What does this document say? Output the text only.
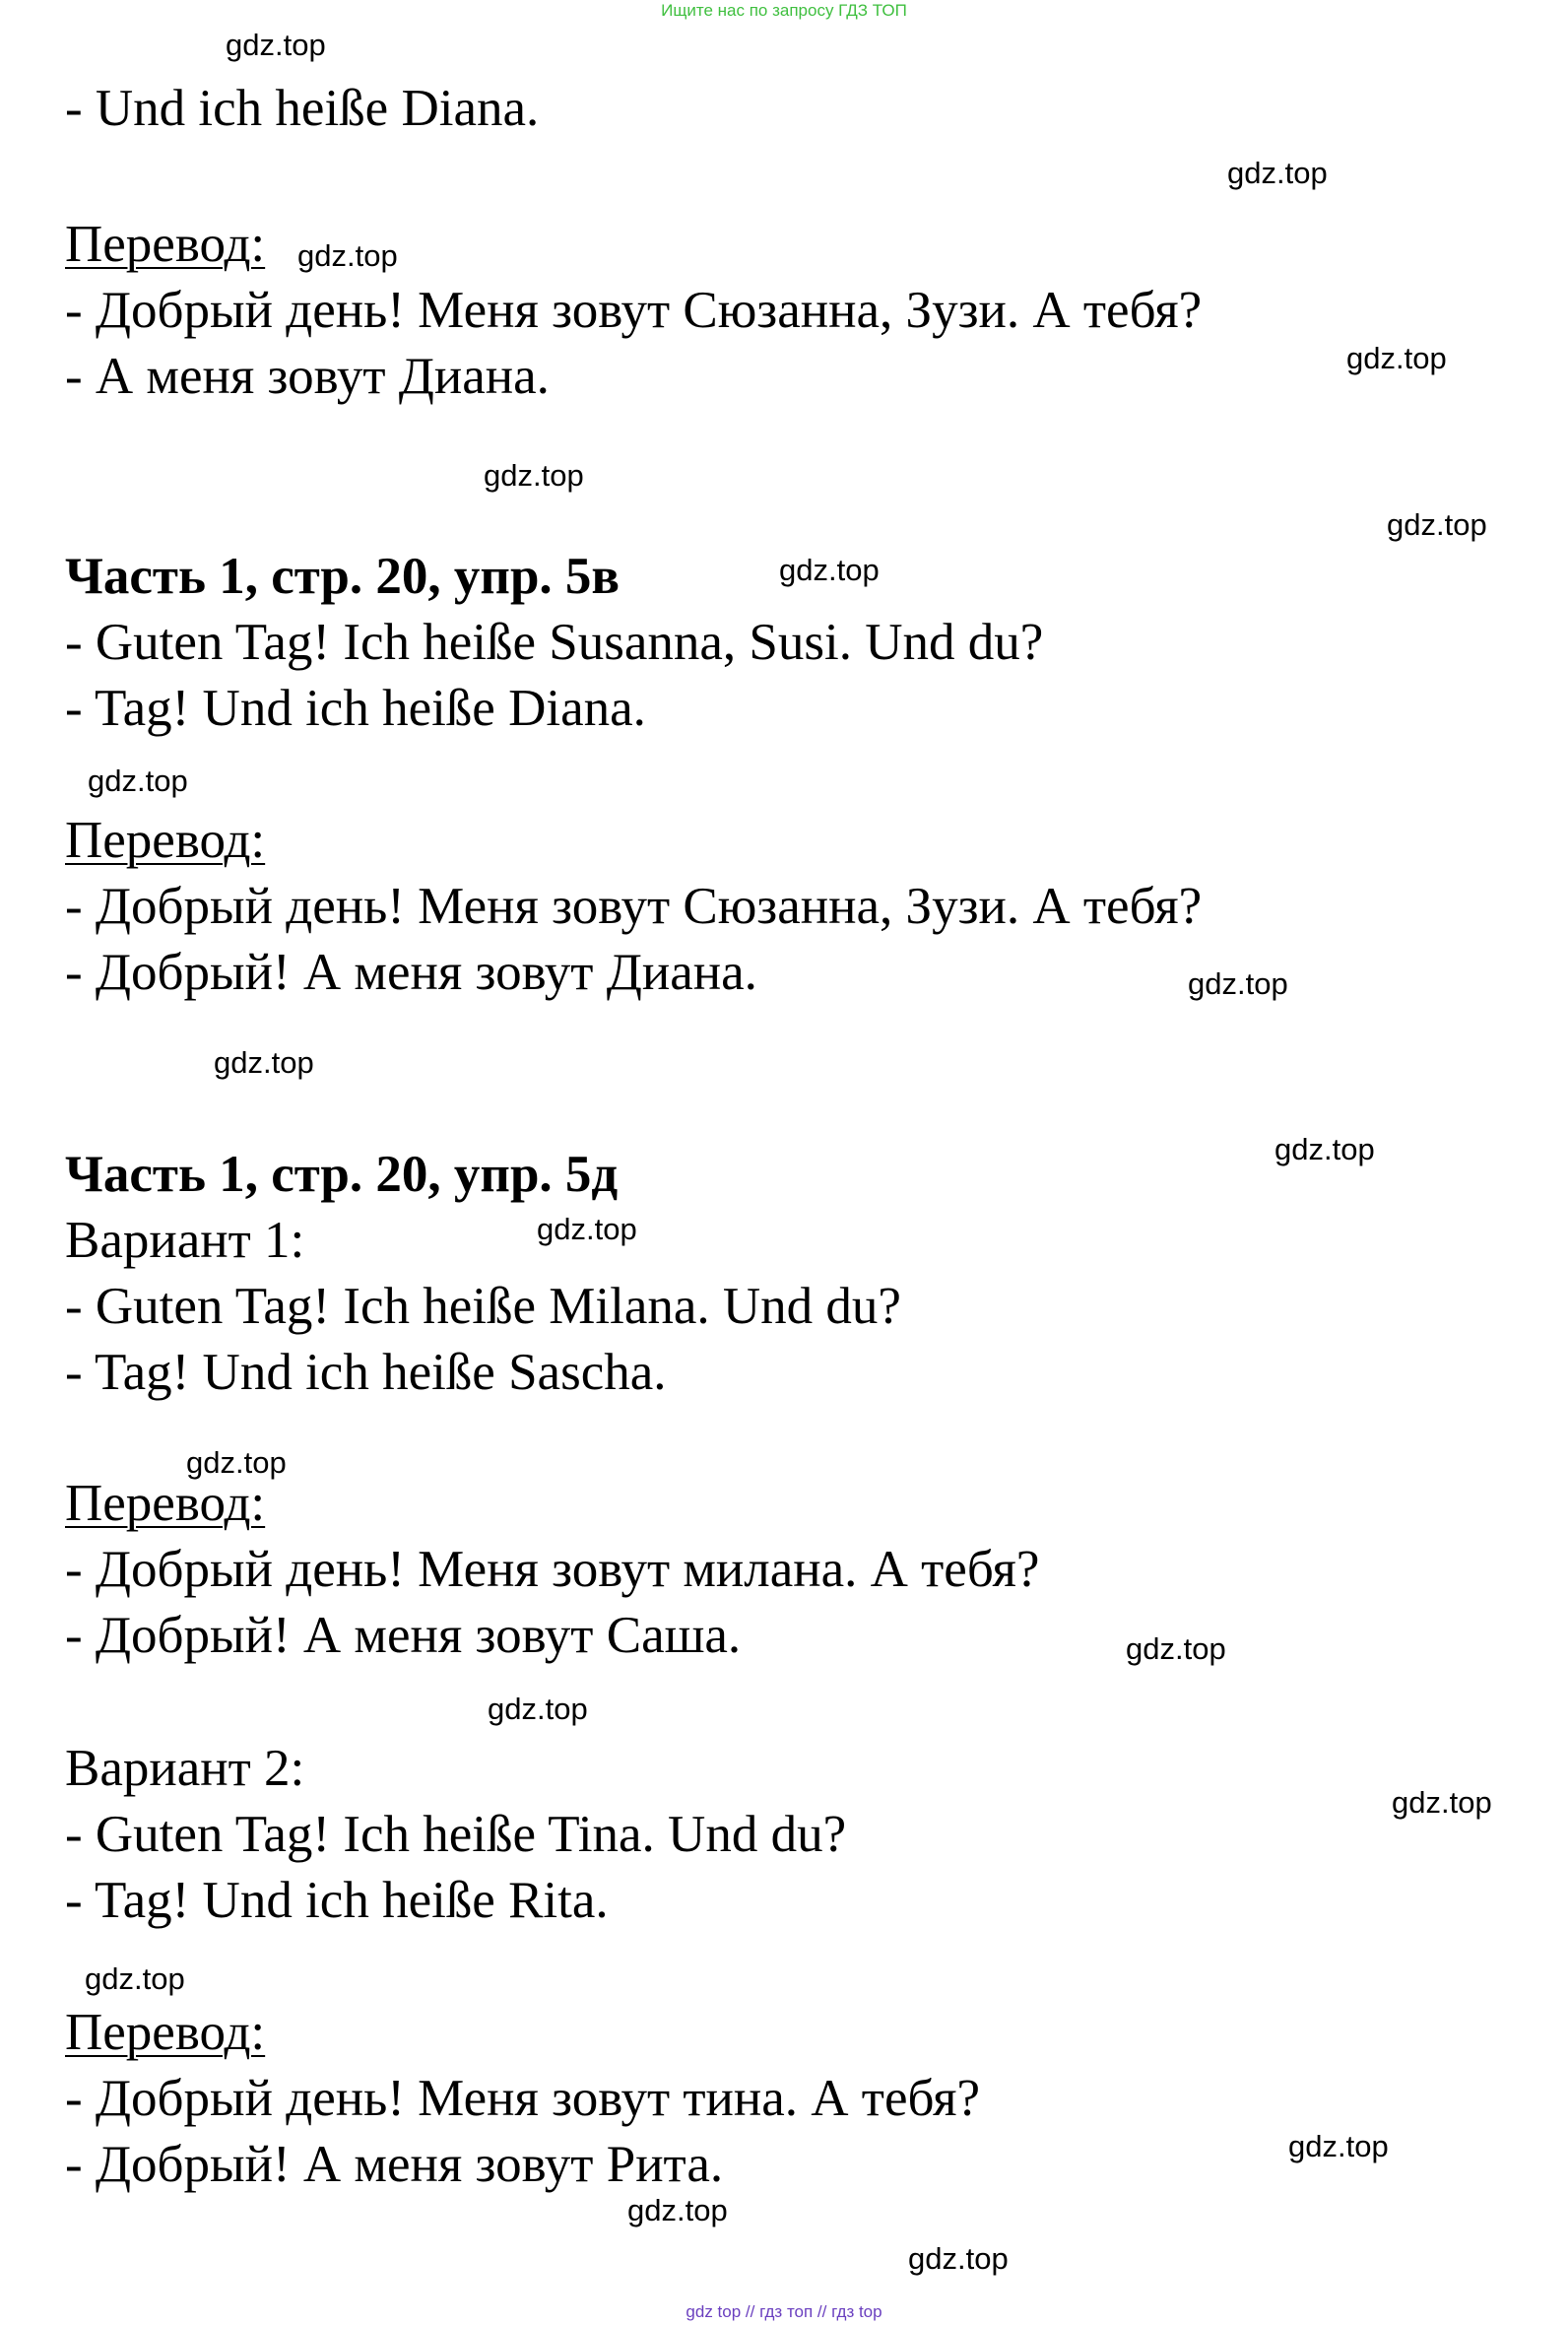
Ищите нас по запросу ГДЗ ТОП
- Und ich heiße Diana.
Перевод:
- Добрый день! Меня зовут Сюзанна, Зузи. А тебя?
- А меня зовут Диана.
Часть 1, стр. 20, упр. 5в
- Guten Tag! Ich heiße Susanna, Susi. Und du?
- Tag! Und ich heiße Diana.
Перевод:
- Добрый день! Меня зовут Сюзанна, Зузи. А тебя?
- Добрый! А меня зовут Диана.
Часть 1, стр. 20, упр. 5д
Вариант 1:
- Guten Tag! Ich heiße Milana. Und du?
- Tag! Und ich heiße Sascha.
Перевод:
- Добрый день! Меня зовут милана. А тебя?
- Добрый! А меня зовут Саша.
Вариант 2:
- Guten Tag! Ich heiße Tina. Und du?
- Tag! Und ich heiße Rita.
Перевод:
- Добрый день! Меня зовут тина. А тебя?
- Добрый! А меня зовут Рита.
gdz.top
gdz.top
gdz.top
gdz.top
gdz.top
gdz.top
gdz.top
gdz.top
gdz.top
gdz.top
gdz.top
gdz.top
gdz.top
gdz.top
gdz.top
gdz.top
gdz.top
gdz.top
gdz.top
gdz.top
gdz top // гдз топ // гдз top
